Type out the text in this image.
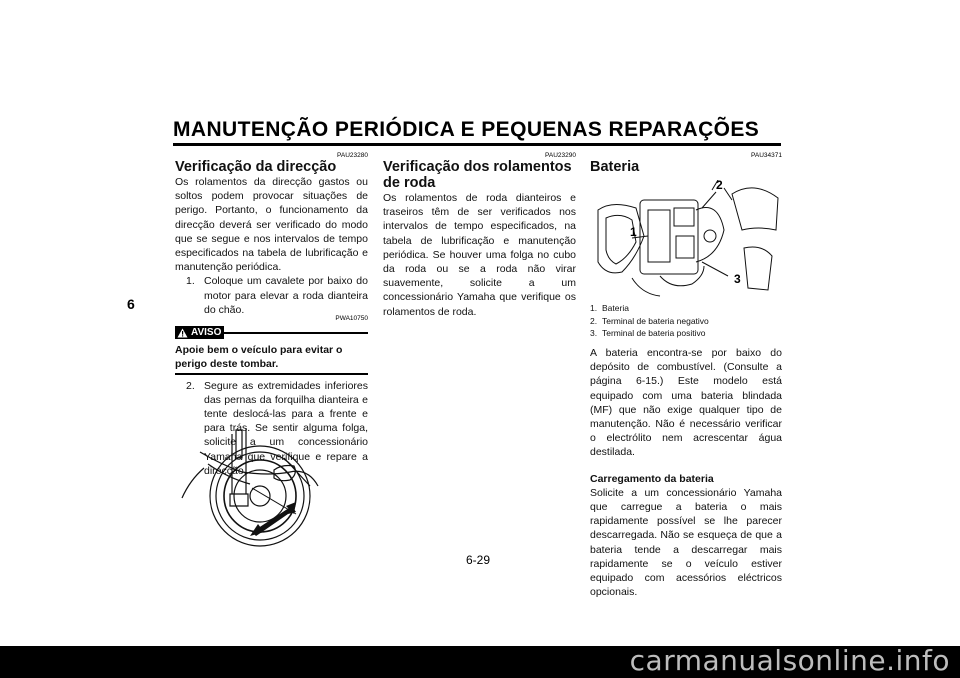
MANUTENÇÃO PERIÓDICA E PEQUENAS REPARAÇÕES
6
PAU23280
Verificação da direcção

Os rolamentos da direcção gastos ou soltos podem provocar situações de perigo. Portanto, o funcionamento da direcção deverá ser verificado do modo que se segue e nos intervalos de tempo especificados na tabela de lubrificação e manutenção periódica.

1. Coloque um cavalete por baixo do motor para elevar a roda dianteira do chão.
PWA10750
AVISO

Apoie bem o veículo para evitar o perigo deste tombar.

2. Segure as extremidades inferiores das pernas da forquilha dianteira e tente deslocá-las para a frente e para trás. Se sentir alguma folga, solicite a um concessionário Yamaha que verifique e repare a direcção.
PAU23290
Verificação dos rolamentos de roda

Os rolamentos de roda dianteiros e traseiros têm de ser verificados nos intervalos de tempo especificados, na tabela de lubrificação e manutenção periódica. Se houver uma folga no cubo da roda ou se a roda não virar suavemente, solicite a um concessionário Yamaha que verifique os rolamentos de roda.

PAU34371
Bateria
1
2
3
1. Bateria
2. Terminal de bateria negativo
3. Terminal de bateria positivo

A bateria encontra-se por baixo do depósito de combustível. (Consulte a página 6-15.) Este modelo está equipado com uma bateria blindada (MF) que não exige qualquer tipo de manutenção. Não é necessário verificar o electrólito nem acrescentar água destilada.

Carregamento da bateria

Solicite a um concessionário Yamaha que carregue a bateria o mais rapidamente possível se lhe parecer descarregada. Não se esqueça de que a bateria tende a descarregar mais rapidamente se o veículo estiver equipado com acessórios eléctricos opcionais.

6-29
carmanualsonline.info
